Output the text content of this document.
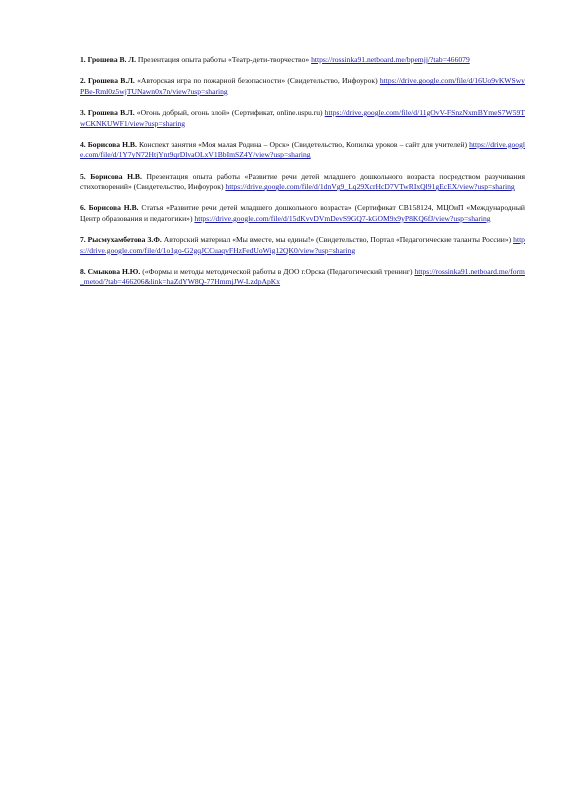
1. Грошева В. Л. Презентация опыта работы «Театр-дети-творчество» https://rossinka91.netboard.me/bpemjj/?tab=466079

2. Грошева В.Л. «Авторская игра по пожарной безопасности» (Свидетельство, Инфоурок) https://drive.google.com/file/d/16Uo9vKWSwyPBe-Rml0z5wjTUNawn0x7n/view?usp=sharing

3. Грошева В.Л. «Огонь добрый, огонь злой» (Сертификат, online.uspu.ru) https://drive.google.com/file/d/11gOvV-FSnzNxmBYmeS7W59TwCKNKUWF1/view?usp=sharing

4. Борисова Н.В. Конспект занятия «Моя малая Родина – Орск» (Свидетельство, Копилка уроков – сайт для учителей) https://drive.google.com/file/d/1Y7yN72HtjYnt9qrDlvaOLxV1BbImSZ4Y/view?usp=sharing

5. Борисова Н.В. Презентация опыта работы «Развитие речи детей младшего дошкольного возраста посредством разучивания стихотворений» (Свидетельство, Инфоурок) https://drive.google.com/file/d/1dnVg9_Lq29XcrHcD7VTwRIxQl91gEcEX/view?usp=sharing

6. Борисова Н.В. Статья «Развитие речи детей младшего дошкольного возраста» (Сертификат СВ158124, МЦОиП «Международный Центр образования и педагогики») https://drive.google.com/file/d/15dKvvDVmDevS9GQ7-kGOM9x9yP8KQ6fJ/view?usp=sharing

7. Рысмухамбетова З.Ф. Авторский материал «Мы вместе, мы едины!» (Свидетельство, Портал «Педагогические таланты России») https://drive.google.com/file/d/1o1go-G2gqJCCuaqvFHzFedUoWig12QK0/view?usp=sharing

8. Смыкова Н.Ю. («Формы и методы методической работы в ДОО г.Орска (Педагогический тренинг) https://rossinka91.netboard.me/form_metod/?tab=466206&link=haZdYW8Q-77HmmjJW-LzdpApKx
